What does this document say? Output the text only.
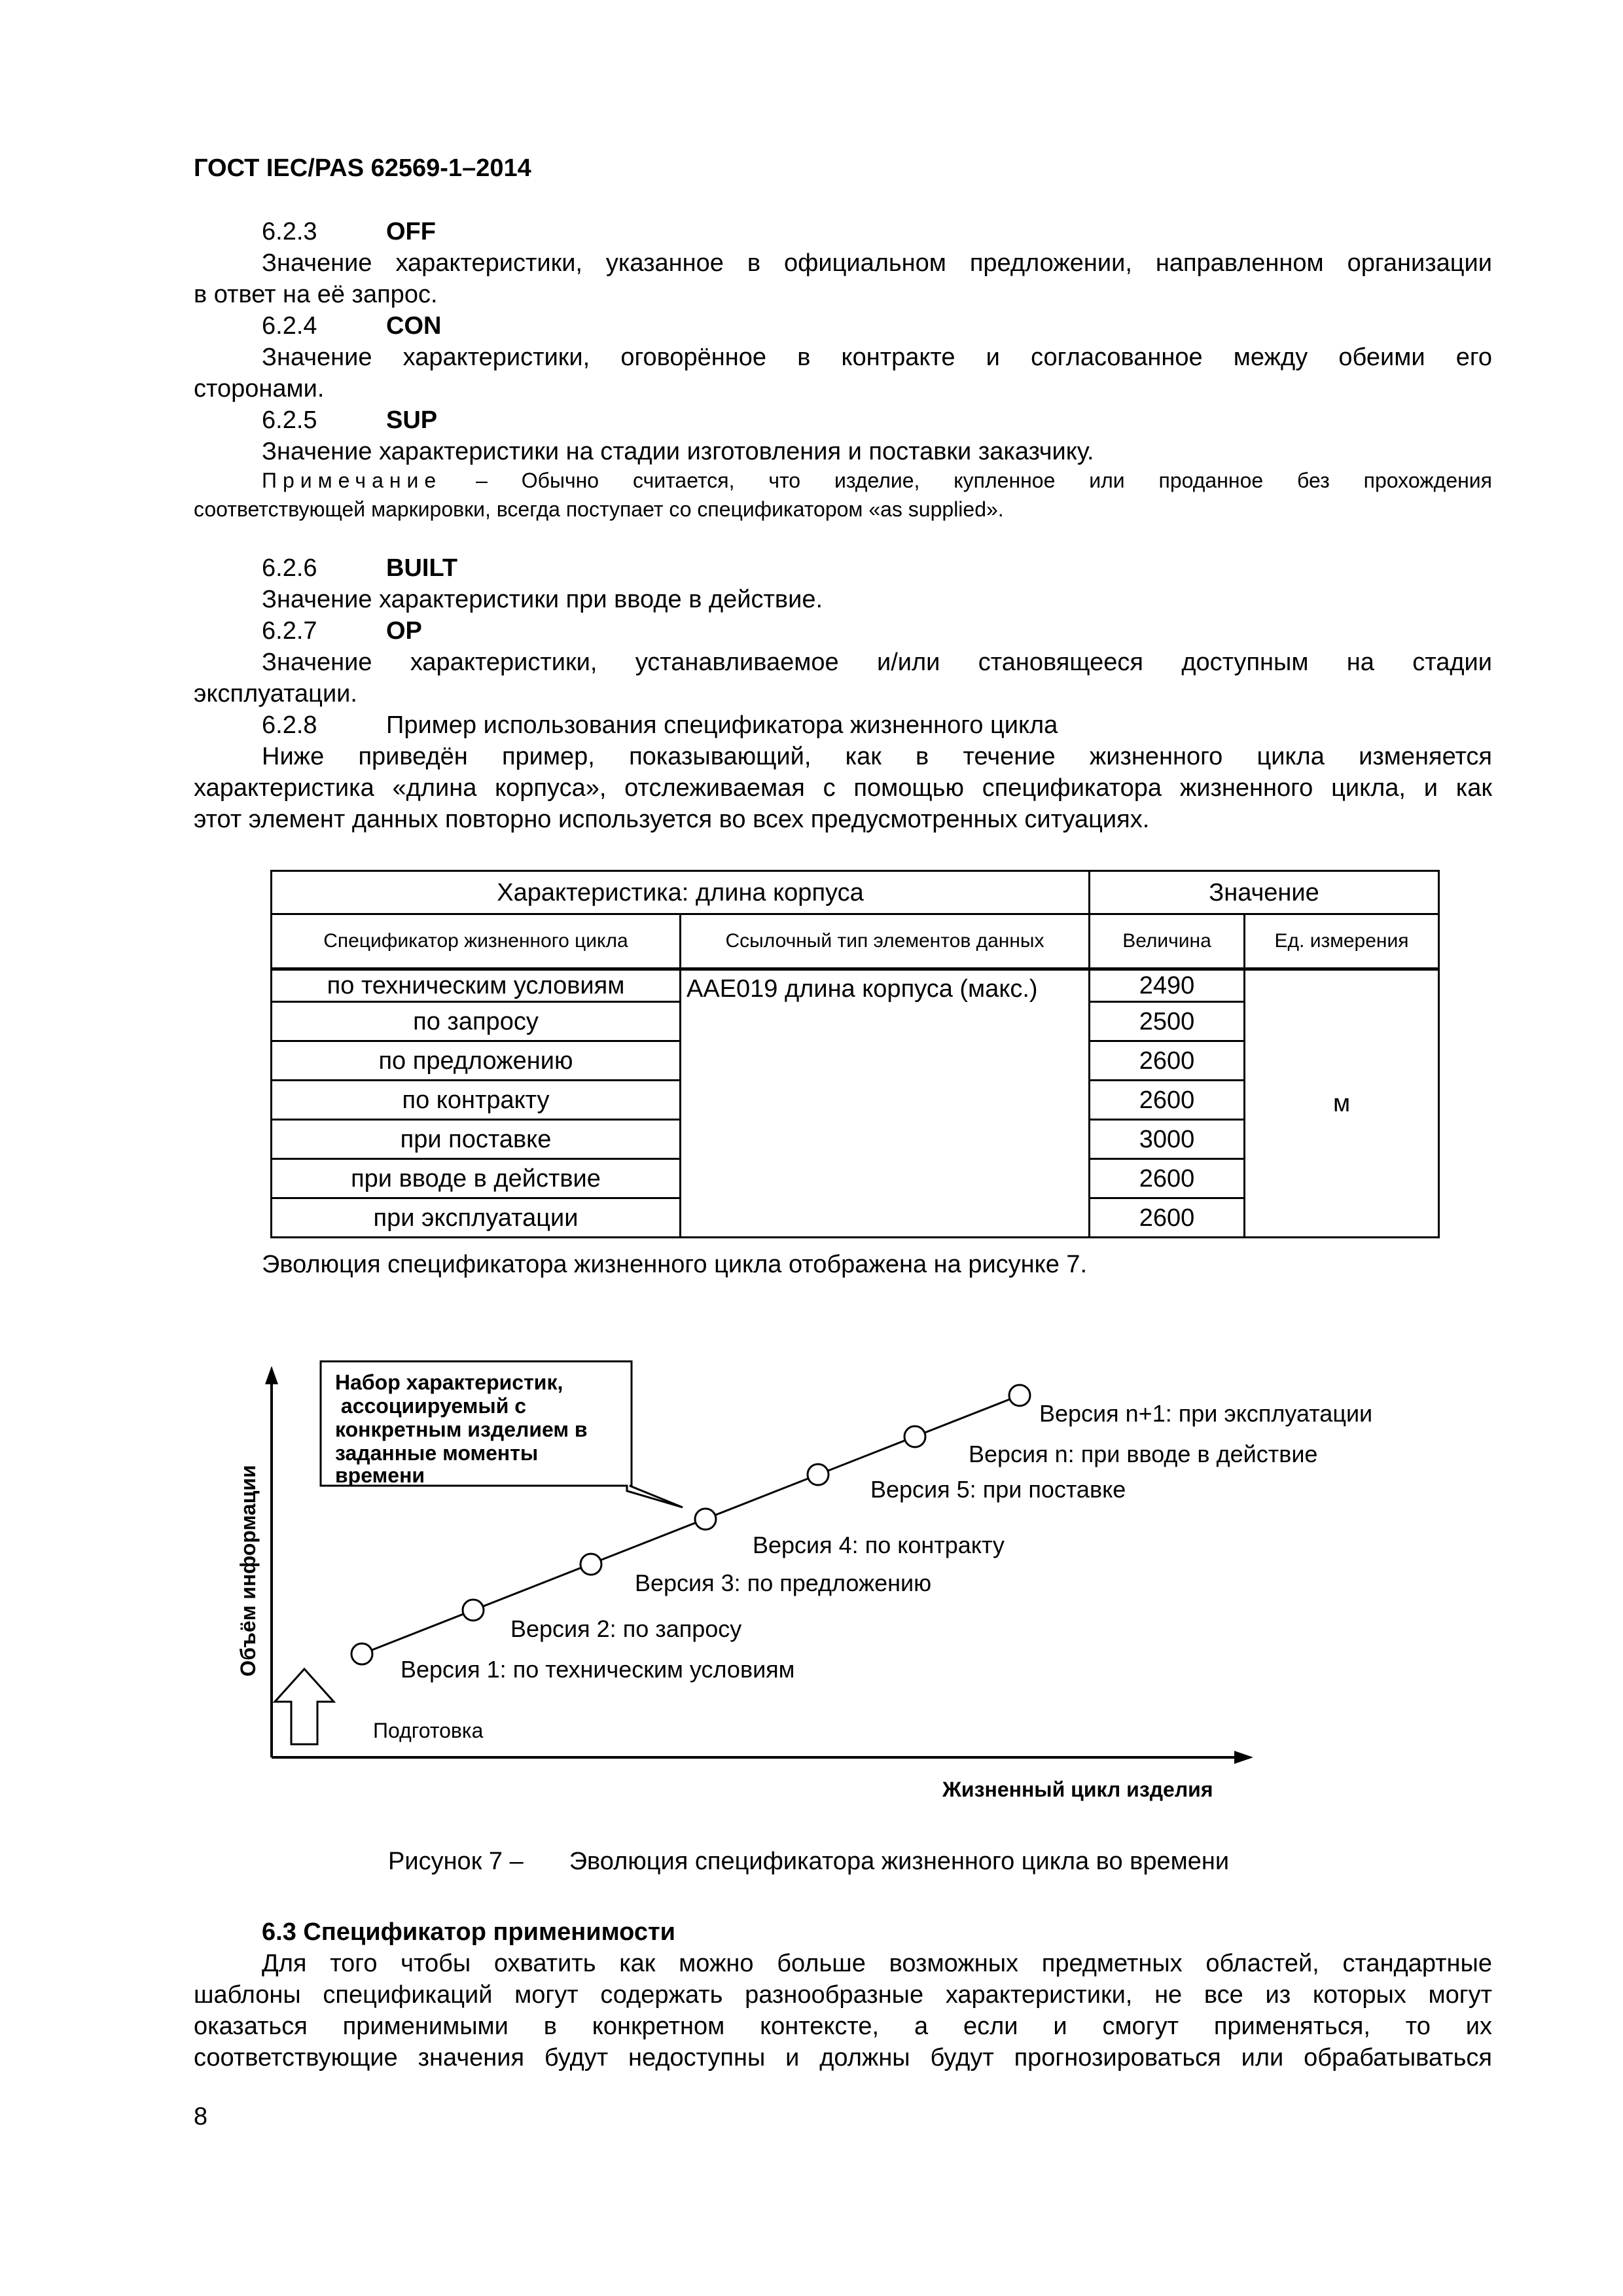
ГОСТ IEC/PAS 62569-1–2014
6.2.3	OFF
Значение характеристики, указанное в официальном предложении, направленном организации
в ответ на её запрос.
6.2.4	CON
Значение характеристики, оговорённое в контракте и согласованное между обеими его
сторонами.
6.2.5	SUP
Значение характеристики на стадии изготовления и поставки заказчику.
Примечание – Обычно считается, что изделие, купленное или проданное без прохождения
соответствующей маркировки, всегда поступает со спецификатором «as supplied».
6.2.6	BUILT
Значение характеристики при вводе в действие.
6.2.7	OP
Значение характеристики, устанавливаемое и/или становящееся доступным на стадии
эксплуатации.
6.2.8	Пример использования спецификатора жизненного цикла
Ниже приведён пример, показывающий, как в течение жизненного цикла изменяется
характеристика «длина корпуса», отслеживаемая с помощью спецификатора жизненного цикла, и как
этот элемент данных повторно используется во всех предусмотренных ситуациях.
Характеристика: длина корпуса		Значение	
Спецификатор жизненного цикла	Ссылочный тип элементов данных	Величина	Ед. измерения
по техническим условиям	AAE019 длина корпуса (макс.)	2490	м
по запросу		2500	
по предложению		2600	
по контракту		2600	
при поставке		3000	
при вводе в действие		2600	
при эксплуатации		2600	
Эволюция спецификатора жизненного цикла отображена на рисунке 7.
Объём информации
Жизненный цикл изделия
Подготовка
Версия 1: по техническим условиям
Версия 2: по запросу
Версия 3: по предложению
Версия 4: по контракту
Версия 5: при поставке
Версия n: при вводе в действие
Версия n+1: при эксплуатации
Набор характеристик,
ассоциируемый с
конкретным изделием в
заданные моменты
времени
Рисунок 7 – Эволюция спецификатора жизненного цикла во времени
6.3 Спецификатор применимости
Для того чтобы охватить как можно больше возможных предметных областей, стандартные
шаблоны спецификаций могут содержать разнообразные характеристики, не все из которых могут
оказаться применимыми в конкретном контексте, а если и смогут применяться, то их
соответствующие значения будут недоступны и должны будут прогнозироваться или обрабатываться
8
